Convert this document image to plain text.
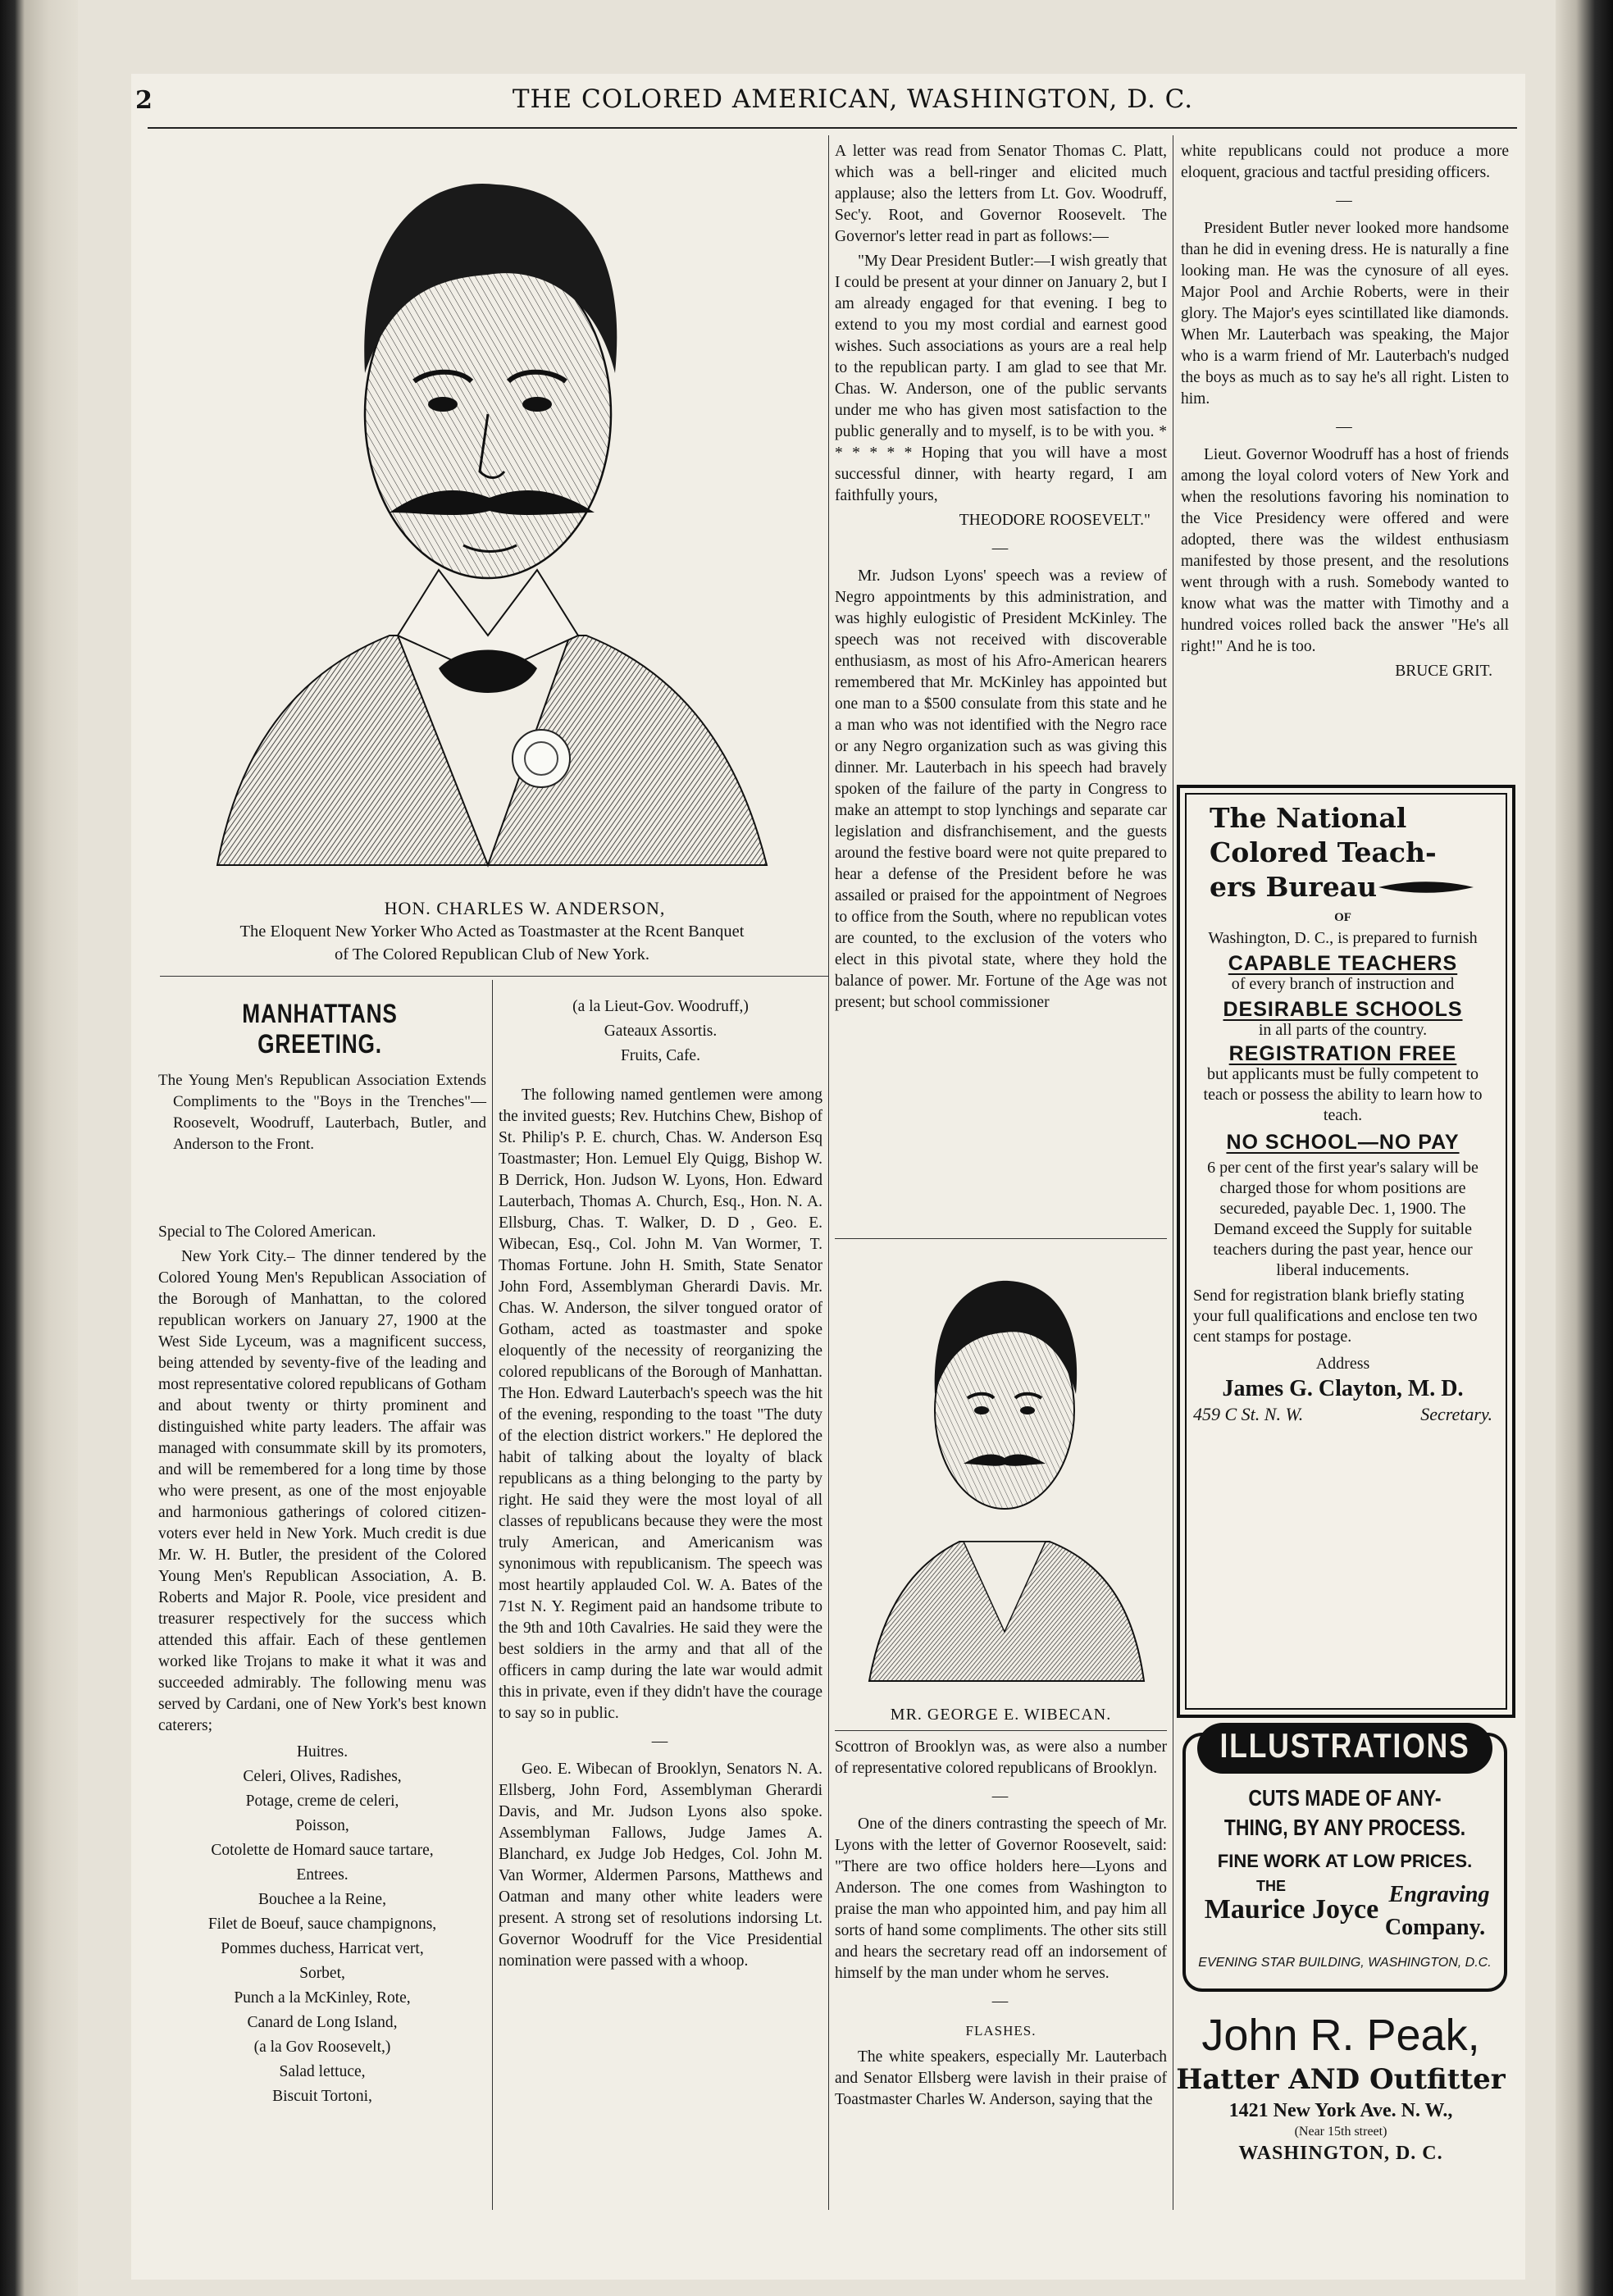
2	THE COLORED AMERICAN, WASHINGTON, D. C.
HON. CHARLES W. ANDERSON,
The Eloquent New Yorker Who Acted as Toastmaster at the Rcent Banquet
of The Colored Republican Club of New York.
MANHATTANS GREETING.

The Young Men's Republican Association Extends Compliments to the "Boys in the Trenches"—Roosevelt, Woodruff, Lauterbach, Butler, and Anderson to the Front.

Special to The Colored American.

New York City.– The dinner tendered by the Colored Young Men's Republican Association of the Borough of Manhattan, to the colored republican workers on January 27, 1900 at the West Side Lyceum, was a magnificent success, being attended by seventy-five of the leading and most representative colored republicans of Gotham and about twenty or thirty prominent and distinguished white party leaders. The affair was managed with consummate skill by its promoters, and will be remembered for a long time by those who were present, as one of the most enjoyable and harmonious gatherings of colored citizen-voters ever held in New York. Much credit is due Mr. W. H. Butler, the president of the Colored Young Men's Republican Association, A. B. Roberts and Major R. Poole, vice president and treasurer respectively for the success which attended this affair. Each of these gentlemen worked like Trojans to make it what it was and succeeded admirably. The following menu was served by Cardani, one of New York's best known caterers;

Huitres.

Celeri, Olives, Radishes,

Potage, creme de celeri,

Poisson,

Cotolette de Homard sauce tartare,

Entrees.

Bouchee a la Reine,

Filet de Boeuf, sauce champignons,

Pommes duchess, Harricat vert,

Sorbet,

Punch a la McKinley, Rote,

Canard de Long Island,

(a la Gov Roosevelt,)

Salad lettuce,

Biscuit Tortoni,

(a la Lieut-Gov. Woodruff,)

Gateaux Assortis.

Fruits, Cafe.

The following named gentlemen were among the invited guests; Rev. Hutchins Chew, Bishop of St. Philip's P. E. church, Chas. W. Anderson Esq Toastmaster; Hon. Lemuel Ely Quigg, Bishop W. B Derrick, Hon. Judson W. Lyons, Hon. Edward Lauterbach, Thomas A. Church, Esq., Hon. N. A. Ellsburg, Chas. T. Walker, D. D , Geo. E. Wibecan, Esq., Col. John M. Van Wormer, T. Thomas Fortune. John H. Smith, State Senator John Ford, Assemblyman Gherardi Davis. Mr. Chas. W. Anderson, the silver tongued orator of Gotham, acted as toastmaster and spoke eloquently of the necessity of reorganizing the colored republicans of the Borough of Manhattan. The Hon. Edward Lauterbach's speech was the hit of the evening, responding to the toast "The duty of the election district workers." He deplored the habit of talking about the loyalty of black republicans as a thing belonging to the party by right. He said they were the most loyal of all classes of republicans because they were the most truly American, and Americanism was synonimous with republicanism. The speech was most heartily applauded Col. W. A. Bates of the 71st N. Y. Regiment paid an handsome tribute to the 9th and 10th Cavalries. He said they were the best soldiers in the army and that all of the officers in camp during the late war would admit this in private, even if they didn't have the courage to say so in public.

—

Geo. E. Wibecan of Brooklyn, Senators N. A. Ellsberg, John Ford, Assemblyman Gherardi Davis, and Mr. Judson Lyons also spoke. Assemblyman Fallows, Judge James A. Blanchard, ex Judge Job Hedges, Col. John M. Van Wormer, Aldermen Parsons, Matthews and Oatman and many other white leaders were present. A strong set of resolutions indorsing Lt. Governor Woodruff for the Vice Presidential nomination were passed with a whoop.

A letter was read from Senator Thomas C. Platt, which was a bell-ringer and elicited much applause; also the letters from Lt. Gov. Woodruff, Sec'y. Root, and Governor Roosevelt. The Governor's letter read in part as follows:—

"My Dear President Butler:—I wish greatly that I could be present at your dinner on January 2, but I am already engaged for that evening. I beg to extend to you my most cordial and earnest good wishes. Such associations as yours are a real help to the republican party. I am glad to see that Mr. Chas. W. Anderson, one of the public servants under me who has given most satisfaction to the public generally and to myself, is to be with you. * * * * * * Hoping that you will have a most successful dinner, with hearty regard, I am faithfully yours,

THEODORE ROOSEVELT."

—

Mr. Judson Lyons' speech was a review of Negro appointments by this administration, and was highly eulogistic of President McKinley. The speech was not received with discoverable enthusiasm, as most of his Afro-American hearers remembered that Mr. McKinley has appointed but one man to a $500 consulate from this state and he a man who was not identified with the Negro race or any Negro organization such as was giving this dinner. Mr. Lauterbach in his speech had bravely spoken of the failure of the party in Congress to make an attempt to stop lynchings and separate car legislation and disfranchisement, and the guests around the festive board were not quite prepared to hear a defense of the President before he was assailed or praised for the appointment of Negroes to office from the South, where no republican votes are counted, to the exclusion of the voters who elect in this pivotal state, where they hold the balance of power. Mr. Fortune of the Age was not present; but school commissioner

MR. GEORGE E. WIBECAN.

Scottron of Brooklyn was, as were also a number of representative colored republicans of Brooklyn.

—

One of the diners contrasting the speech of Mr. Lyons with the letter of Governor Roosevelt, said: "There are two office holders here—Lyons and Anderson. The one comes from Washington to praise the man who appointed him, and pay him all sorts of hand some compliments. The other sits still and hears the secretary read off an indorsement of himself by the man under whom he serves.

—

FLASHES.

The white speakers, especially Mr. Lauterbach and Senator Ellsberg were lavish in their praise of Toastmaster Charles W. Anderson, saying that the

white republicans could not produce a more eloquent, gracious and tactful presiding officers.

—

President Butler never looked more handsome than he did in evening dress. He is naturally a fine looking man. He was the cynosure of all eyes. Major Pool and Archie Roberts, were in their glory. The Major's eyes scintillated like diamonds. When Mr. Lauterbach was speaking, the Major who is a warm friend of Mr. Lauterbach's nudged the boys as much as to say he's all right. Listen to him.

—

Lieut. Governor Woodruff has a host of friends among the loyal colord voters of New York and when the resolutions favoring his nomination to the Vice Presidency were offered and were adopted, there was the wildest enthusiasm manifested by those present, and the resolutions went through with a rush. Somebody wanted to know what was the matter with Timothy and a hundred voices rolled back the answer "He's all right!" And he is too.

BRUCE GRIT.

The National
Colored Teach-
ers Bureau
OF
Washington, D. C., is prepared to furnish
CAPABLE TEACHERS
of every branch of instruction and
DESIRABLE SCHOOLS
in all parts of the country.
REGISTRATION FREE
but applicants must be fully competent to teach or possess the ability to learn how to teach.
NO SCHOOL—NO PAY
6 per cent of the first year's salary will be charged those for whom positions are secureded, payable Dec. 1, 1900. The Demand exceed the Supply for suitable teachers during the past year, hence our liberal inducements.
Send for registration blank briefly stating your full qualifications and enclose ten two cent stamps for postage.
Address
James G. Clayton, M. D.
459 C St. N. W.	Secretary.
ILLUSTRATIONS
CUTS MADE OF ANY-
THING, BY ANY PROCESS.
FINE WORK AT LOW PRICES.
THE
Maurice Joyce Engraving
Company.
EVENING STAR BUILDING, WASHINGTON, D.C.
John R. Peak,
Hatter AND Outfitter
1421 New York Ave. N. W.,
(Near 15th street)
WASHINGTON, D. C.
